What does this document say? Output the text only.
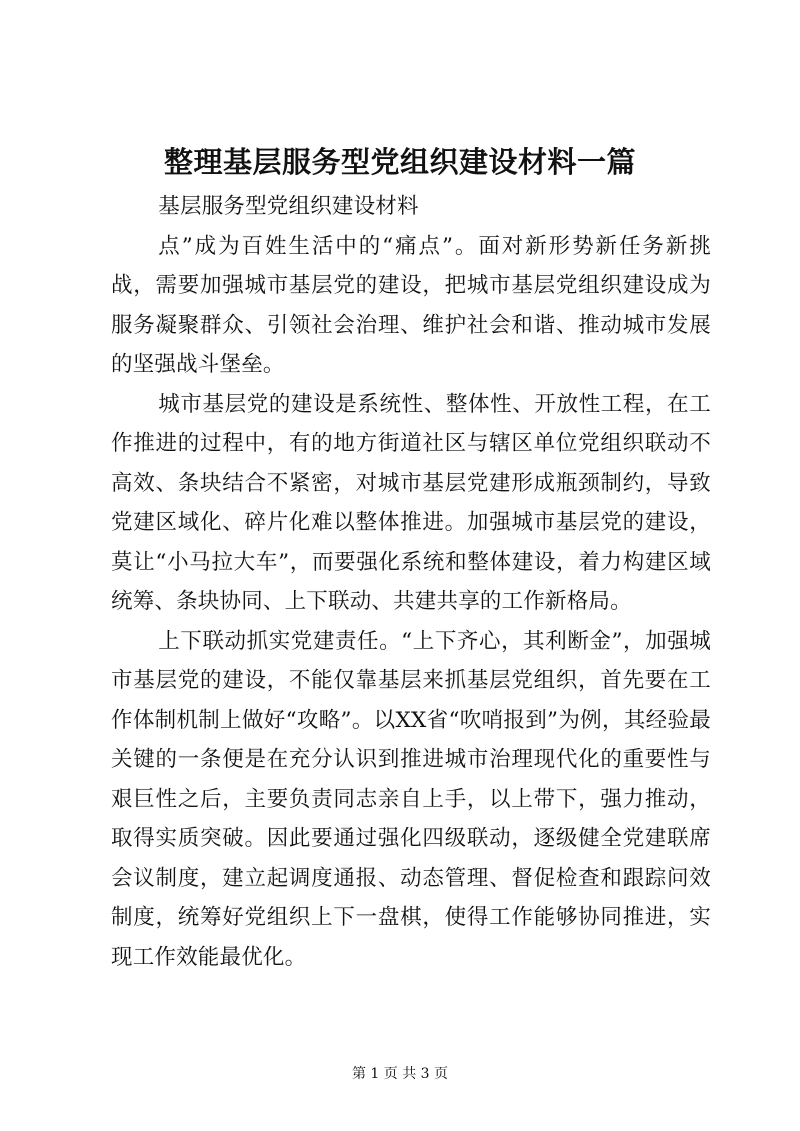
整理基层服务型党组织建设材料一篇

基层服务型党组织建设材料

点”成为百姓生活中的“痛点”。面对新形势新任务新挑战，需要加强城市基层党的建设，把城市基层党组织建设成为服务凝聚群众、引领社会治理、维护社会和谐、推动城市发展的坚强战斗堡垒。

城市基层党的建设是系统性、整体性、开放性工程，在工作推进的过程中，有的地方街道社区与辖区单位党组织联动不高效、条块结合不紧密，对城市基层党建形成瓶颈制约，导致党建区域化、碎片化难以整体推进。加强城市基层党的建设，莫让“小马拉大车”，而要强化系统和整体建设，着力构建区域统筹、条块协同、上下联动、共建共享的工作新格局。

上下联动抓实党建责任。“上下齐心，其利断金”，加强城市基层党的建设，不能仅靠基层来抓基层党组织，首先要在工作体制机制上做好“攻略”。以XX省“吹哨报到”为例，其经验最关键的一条便是在充分认识到推进城市治理现代化的重要性与艰巨性之后，主要负责同志亲自上手，以上带下，强力推动，取得实质突破。因此要通过强化四级联动，逐级健全党建联席会议制度，建立起调度通报、动态管理、督促检查和跟踪问效制度，统筹好党组织上下一盘棋，使得工作能够协同推进，实现工作效能最优化。

第 1 页 共 3 页
